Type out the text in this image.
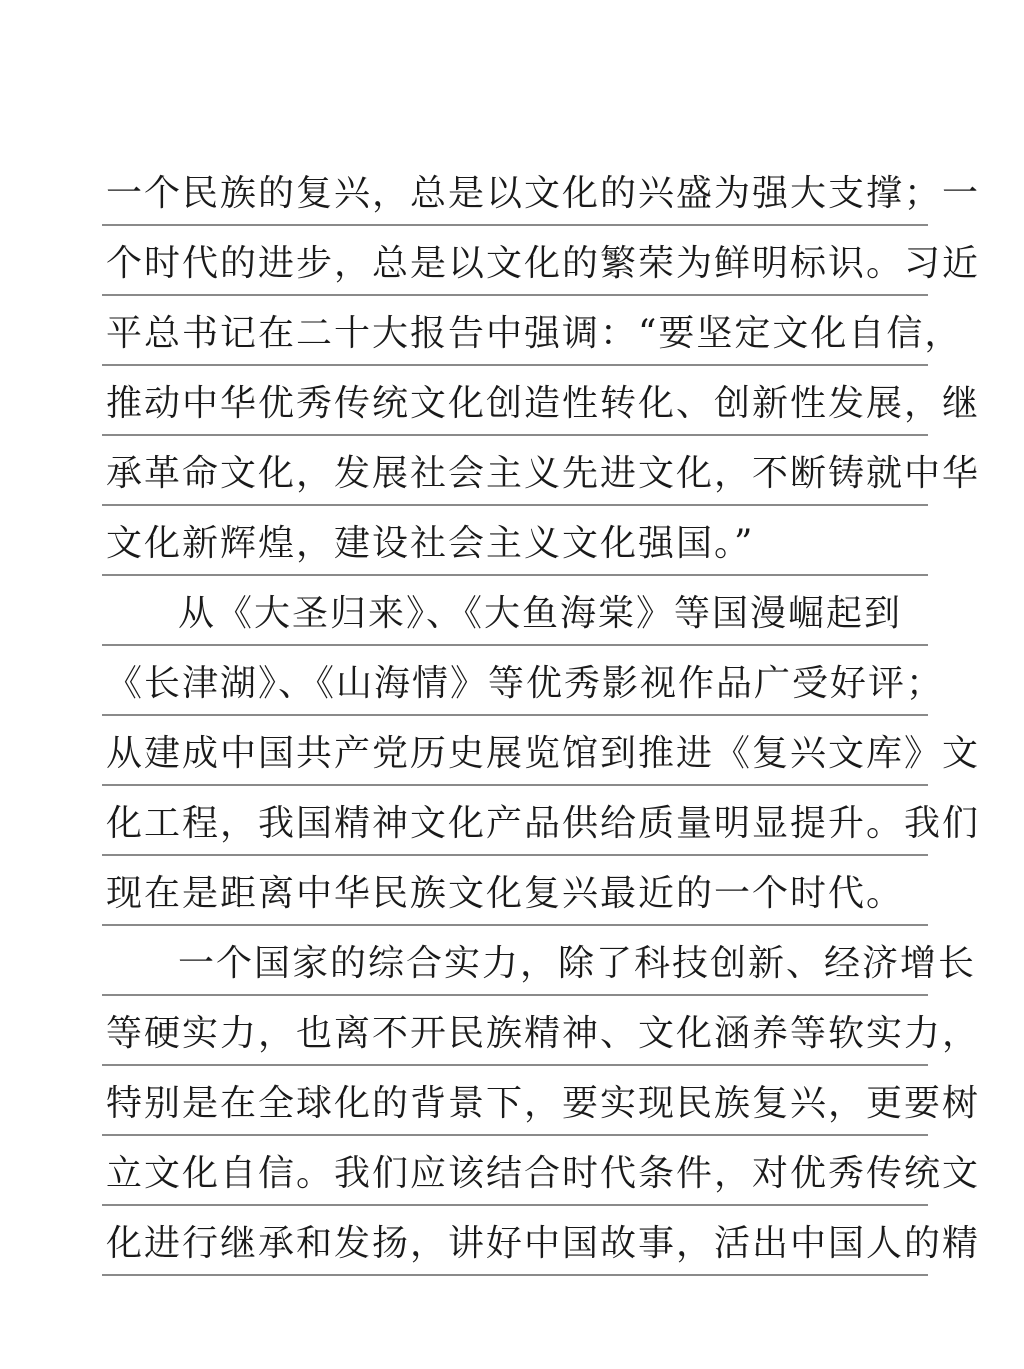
一个民族的复兴，总是以文化的兴盛为强大支撑；一
个时代的进步，总是以文化的繁荣为鲜明标识。习近
平总书记在二十大报告中强调：“要坚定文化自信，
推动中华优秀传统文化创造性转化、创新性发展，继
承革命文化，发展社会主义先进文化，不断铸就中华
文化新辉煌，建设社会主义文化强国。”
从《大圣归来》、《大鱼海棠》等国漫崛起到
《长津湖》、《山海情》等优秀影视作品广受好评；
从建成中国共产党历史展览馆到推进《复兴文库》文
化工程，我国精神文化产品供给质量明显提升。我们
现在是距离中华民族文化复兴最近的一个时代。
一个国家的综合实力，除了科技创新、经济增长
等硬实力，也离不开民族精神、文化涵养等软实力，
特别是在全球化的背景下，要实现民族复兴，更要树
立文化自信。我们应该结合时代条件，对优秀传统文
化进行继承和发扬，讲好中国故事，活出中国人的精
